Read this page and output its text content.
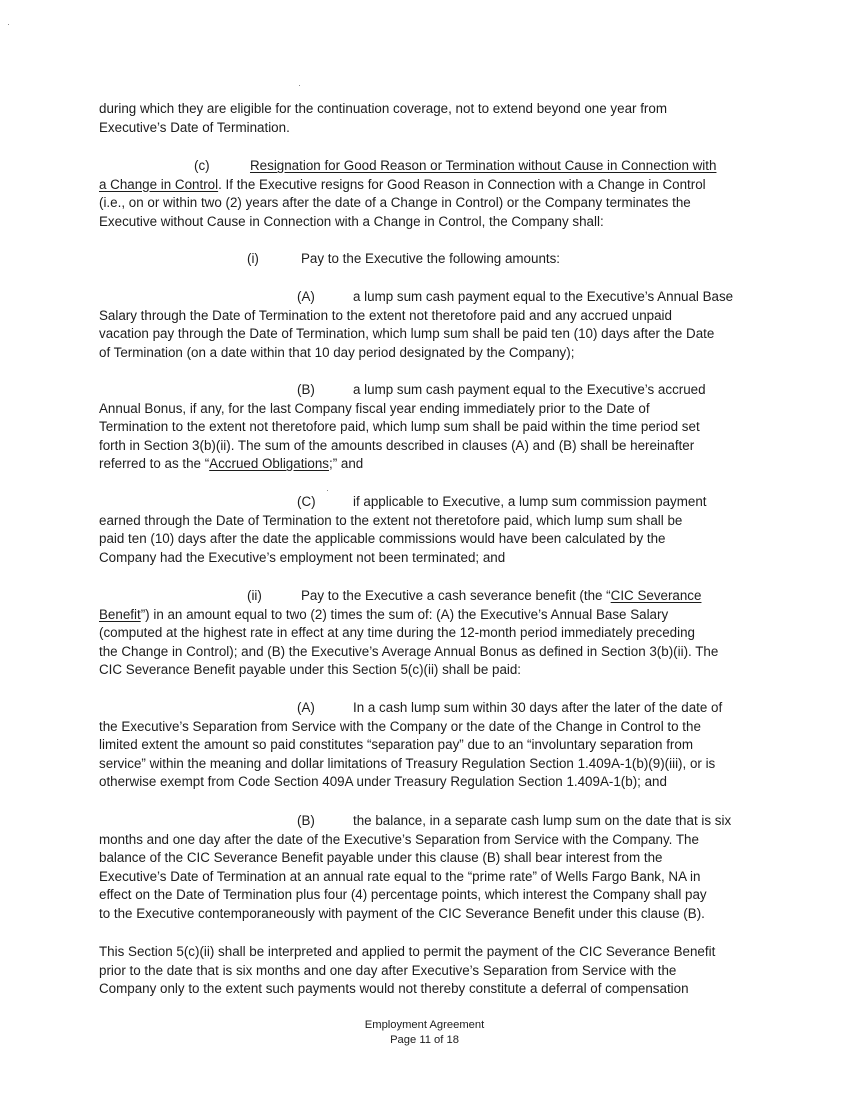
during which they are eligible for the continuation coverage, not to extend beyond one year from
Executive’s Date of Termination.
(c)	Resignation for Good Reason or Termination without Cause in Connection with
a Change in Control. If the Executive resigns for Good Reason in Connection with a Change in Control
(i.e., on or within two (2) years after the date of a Change in Control) or the Company terminates the
Executive without Cause in Connection with a Change in Control, the Company shall:
(i)	Pay to the Executive the following amounts:
(A)	a lump sum cash payment equal to the Executive’s Annual Base
Salary through the Date of Termination to the extent not theretofore paid and any accrued unpaid
vacation pay through the Date of Termination, which lump sum shall be paid ten (10) days after the Date
of Termination (on a date within that 10 day period designated by the Company);
(B)	a lump sum cash payment equal to the Executive’s accrued
Annual Bonus, if any, for the last Company fiscal year ending immediately prior to the Date of
Termination to the extent not theretofore paid, which lump sum shall be paid within the time period set
forth in Section 3(b)(ii). The sum of the amounts described in clauses (A) and (B) shall be hereinafter
referred to as the “Accrued Obligations;” and
(C)	if applicable to Executive, a lump sum commission payment
earned through the Date of Termination to the extent not theretofore paid, which lump sum shall be
paid ten (10) days after the date the applicable commissions would have been calculated by the
Company had the Executive’s employment not been terminated; and
(ii)	Pay to the Executive a cash severance benefit (the “CIC Severance
Benefit”) in an amount equal to two (2) times the sum of: (A) the Executive’s Annual Base Salary
(computed at the highest rate in effect at any time during the 12-month period immediately preceding
the Change in Control); and (B) the Executive’s Average Annual Bonus as defined in Section 3(b)(ii). The
CIC Severance Benefit payable under this Section 5(c)(ii) shall be paid:
(A)	In a cash lump sum within 30 days after the later of the date of
the Executive’s Separation from Service with the Company or the date of the Change in Control to the
limited extent the amount so paid constitutes “separation pay” due to an “involuntary separation from
service” within the meaning and dollar limitations of Treasury Regulation Section 1.409A-1(b)(9)(iii), or is
otherwise exempt from Code Section 409A under Treasury Regulation Section 1.409A-1(b); and
(B)	the balance, in a separate cash lump sum on the date that is six
months and one day after the date of the Executive’s Separation from Service with the Company. The
balance of the CIC Severance Benefit payable under this clause (B) shall bear interest from the
Executive’s Date of Termination at an annual rate equal to the “prime rate” of Wells Fargo Bank, NA in
effect on the Date of Termination plus four (4) percentage points, which interest the Company shall pay
to the Executive contemporaneously with payment of the CIC Severance Benefit under this clause (B).
This Section 5(c)(ii) shall be interpreted and applied to permit the payment of the CIC Severance Benefit
prior to the date that is six months and one day after Executive’s Separation from Service with the
Company only to the extent such payments would not thereby constitute a deferral of compensation
Employment Agreement
Page 11 of 18
